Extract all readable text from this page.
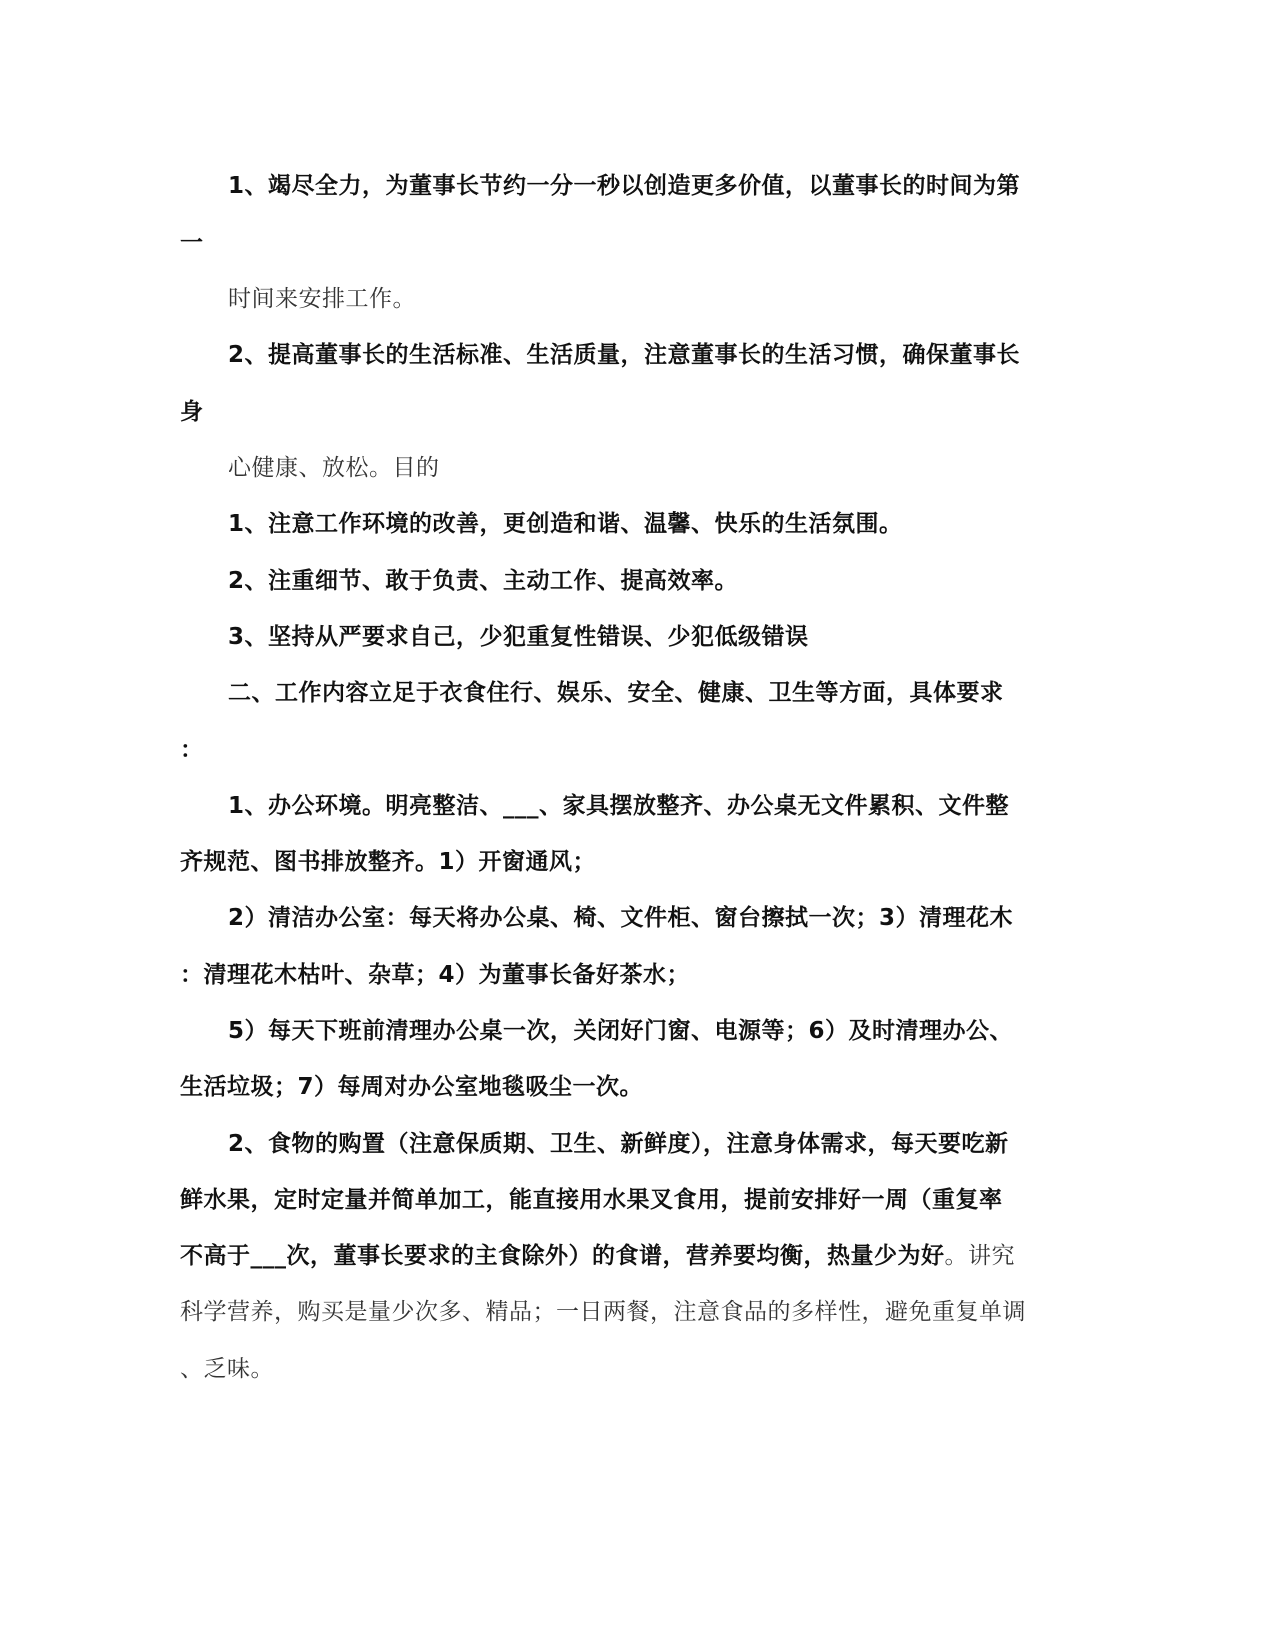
1、竭尽全力，为董事长节约一分一秒以创造更多价值，以董事长的时间为第
一
时间来安排工作。
2、提高董事长的生活标准、生活质量，注意董事长的生活习惯，确保董事长
身
心健康、放松。目的
1、注意工作环境的改善，更创造和谐、温馨、快乐的生活氛围。
2、注重细节、敢于负责、主动工作、提高效率。
3、坚持从严要求自己，少犯重复性错误、少犯低级错误
二、工作内容立足于衣食住行、娱乐、安全、健康、卫生等方面，具体要求
：
1、办公环境。明亮整洁、___、家具摆放整齐、办公桌无文件累积、文件整
齐规范、图书排放整齐。1）开窗通风；
2）清洁办公室：每天将办公桌、椅、文件柜、窗台擦拭一次；3）清理花木
：清理花木枯叶、杂草；4）为董事长备好茶水；
5）每天下班前清理办公桌一次，关闭好门窗、电源等；6）及时清理办公、
生活垃圾；7）每周对办公室地毯吸尘一次。
2、食物的购置（注意保质期、卫生、新鲜度），注意身体需求，每天要吃新
鲜水果，定时定量并简单加工，能直接用水果叉食用，提前安排好一周（重复率
不高于___次，董事长要求的主食除外）的食谱，营养要均衡，热量少为好。讲究
科学营养，购买是量少次多、精品；一日两餐，注意食品的多样性，避免重复单调
、乏味。
